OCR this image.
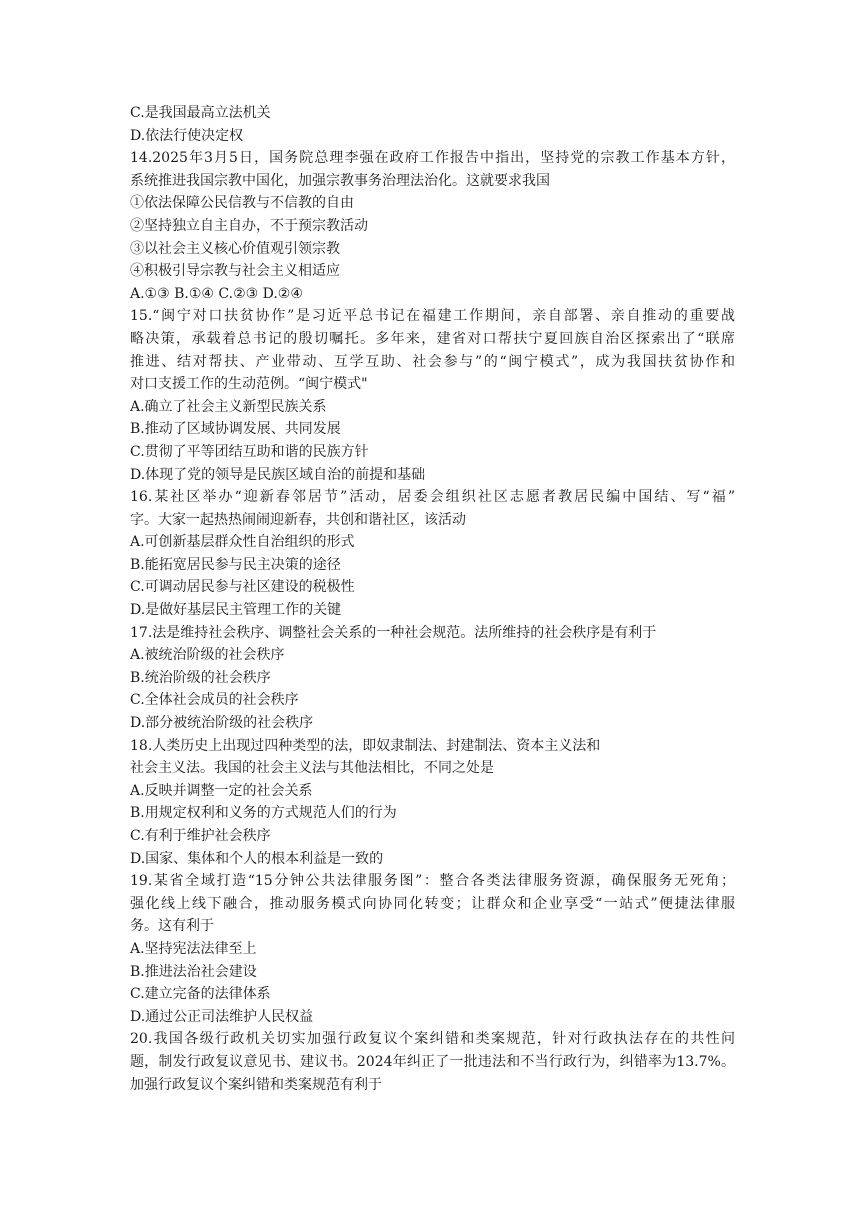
C.是我国最高立法机关
D.依法行使决定权
14.2025年3月5日，国务院总理李强在政府工作报告中指出，坚持党的宗教工作基本方针，
系统推进我国宗教中国化，加强宗教事务治理法治化。这就要求我国
①依法保障公民信教与不信教的自由
②坚持独立自主自办，不于预宗教活动
③以社会主义核心价值观引领宗教
④积极引导宗教与社会主义相适应
A.①③ B.①④ C.②③ D.②④
15.“闽宁对口扶贫协作”是习近平总书记在福建工作期间，亲自部署、亲自推动的重要战
略决策，承载着总书记的殷切嘱托。多年来，建省对口帮扶宁夏回族自治区探索出了“联席
推进、结对帮扶、产业带动、互学互助、社会参与”的“闽宁模式”，成为我国扶贫协作和
对口支援工作的生动范例。“闽宁模式"
A.确立了社会主义新型民族关系
B.推动了区域协调发展、共同发展
C.贯彻了平等团结互助和谐的民族方针
D.体现了党的领导是民族区域自治的前提和基础
16.某社区举办“迎新春邻居节”活动，居委会组织社区志愿者教居民编中国结、写“福”
字。大家一起热热闹闹迎新春，共创和谐社区，该活动
A.可创新基层群众性自治组织的形式
B.能拓宽居民参与民主决策的途径
C.可调动居民参与社区建设的税极性
D.是做好基层民主管理工作的关键
17.法是维持社会秩序、调整社会关系的一种社会规范。法所维持的社会秩序是有利于
A.被统治阶级的社会秩序
B.统治阶级的社会秩序
C.全体社会成员的社会秩序
D.部分被统治阶级的社会秩序
18.人类历史上出现过四种类型的法，即奴隶制法、封建制法、资本主义法和
社会主义法。我国的社会主义法与其他法相比，不同之处是
A.反映并调整一定的社会关系
B.用规定权利和义务的方式规范人们的行为
C.有利于维护社会秩序
D.国家、集体和个人的根本利益是一致的
19.某省全域打造“15分钟公共法律服务图”：整合各类法律服务资源，确保服务无死角；
强化线上线下融合，推动服务模式向协同化转变；让群众和企业享受“一站式”便捷法律服
务。这有利于
A.坚持宪法法律至上
B.推进法治社会建设
C.建立完备的法律体系
D.通过公正司法维护人民权益
20.我国各级行政机关切实加强行政复议个案纠错和类案规范，针对行政执法存在的共性问
题，制发行政复议意见书、建议书。2024年纠正了一批违法和不当行政行为，纠错率为13.7%。
加强行政复议个案纠错和类案规范有利于
